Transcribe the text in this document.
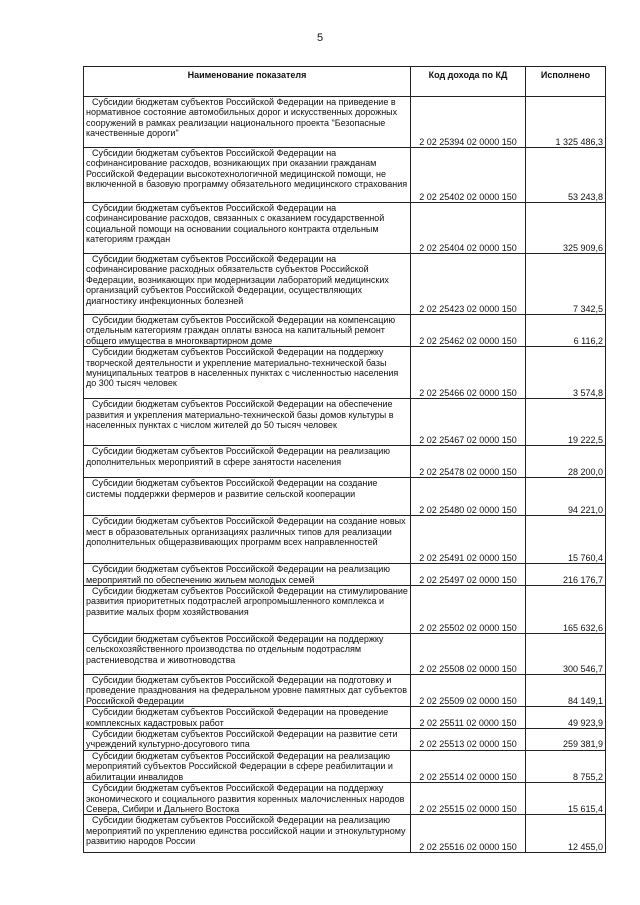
5
Наименование показателя	Код дохода по КД	Исполнено
Субсидии бюджетам субъектов Российской Федерации на приведение в нормативное состояние автомобильных дорог и искусственных дорожных сооружений в рамках реализации национального проекта "Безопасные качественные дороги"	2 02 25394 02 0000 150	1 325 486,3
Субсидии бюджетам субъектов Российской Федерации на софинансирование расходов, возникающих при оказании гражданам Российской Федерации высокотехнологичной медицинской помощи, не включенной в базовую программу обязательного медицинского страхования	2 02 25402 02 0000 150	53 243,8
Субсидии бюджетам субъектов Российской Федерации на софинансирование расходов, связанных с оказанием государственной социальной помощи на основании социального контракта отдельным категориям граждан	2 02 25404 02 0000 150	325 909,6
Субсидии бюджетам субъектов Российской Федерации на софинансирование расходных обязательств субъектов Российской Федерации, возникающих при модернизации лабораторий медицинских организаций субъектов Российской Федерации, осуществляющих диагностику инфекционных болезней	2 02 25423 02 0000 150	7 342,5
Субсидии бюджетам субъектов Российской Федерации на компенсацию отдельным категориям граждан оплаты взноса на капитальный ремонт общего имущества в многоквартирном доме	2 02 25462 02 0000 150	6 116,2
Субсидии бюджетам субъектов Российской Федерации на поддержку творческой деятельности и укрепление материально-технической базы муниципальных театров в населенных пунктах с численностью населения до 300 тысяч человек	2 02 25466 02 0000 150	3 574,8
Субсидии бюджетам субъектов Российской Федерации на обеспечение развития и укрепления материально-технической базы домов культуры в населенных пунктах с числом жителей до 50 тысяч человек	2 02 25467 02 0000 150	19 222,5
Субсидии бюджетам субъектов Российской Федерации на реализацию дополнительных мероприятий в сфере занятости населения	2 02 25478 02 0000 150	28 200,0
Субсидии бюджетам субъектов Российской Федерации на создание системы поддержки фермеров и развитие сельской кооперации	2 02 25480 02 0000 150	94 221,0
Субсидии бюджетам субъектов Российской Федерации на создание новых мест в образовательных организациях различных типов для реализации дополнительных общеразвивающих программ всех направленностей	2 02 25491 02 0000 150	15 760,4
Субсидии бюджетам субъектов Российской Федерации на реализацию мероприятий по обеспечению жильем молодых семей	2 02 25497 02 0000 150	216 176,7
Субсидии бюджетам субъектов Российской Федерации на стимулирование развития приоритетных подотраслей агропромышленного комплекса и развитие малых форм хозяйствования	2 02 25502 02 0000 150	165 632,6
Субсидии бюджетам субъектов Российской Федерации на поддержку сельскохозяйственного производства по отдельным подотраслям растениеводства и животноводства	2 02 25508 02 0000 150	300 546,7
Субсидии бюджетам субъектов Российской Федерации на подготовку и проведение празднования на федеральном уровне памятных дат субъектов Российской Федерации	2 02 25509 02 0000 150	84 149,1
Субсидии бюджетам субъектов Российской Федерации на проведение комплексных кадастровых работ	2 02 25511 02 0000 150	49 923,9
Субсидии бюджетам субъектов Российской Федерации на развитие сети учреждений культурно-досугового типа	2 02 25513 02 0000 150	259 381,9
Субсидии бюджетам субъектов Российской Федерации на реализацию мероприятий субъектов Российской Федерации в сфере реабилитации и абилитации инвалидов	2 02 25514 02 0000 150	8 755,2
Субсидии бюджетам субъектов Российской Федерации на поддержку экономического и социального развития коренных малочисленных народов Севера, Сибири и Дальнего Востока	2 02 25515 02 0000 150	15 615,4
Субсидии бюджетам субъектов Российской Федерации на реализацию мероприятий по укреплению единства российской нации и этнокультурному развитию народов России	2 02 25516 02 0000 150	12 455,0
